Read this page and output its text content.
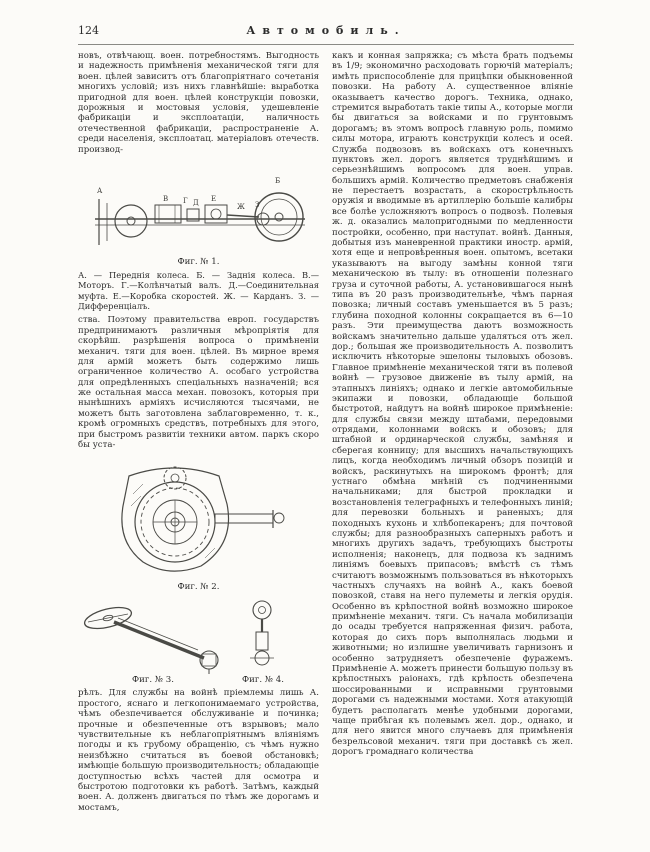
124	Автомобиль.

новъ, отвѣчающ. воен. потребностямъ. Выгодность и надежность примѣненія механической тяги для воен. цѣлей зависитъ отъ благопріятнаго сочетанія многихъ условій; изъ нихъ главнѣйшіе: выработка пригодной для воен. цѣлей конструкціи повозки, дорожныя и мостовыя условія, удешевленіе фабрикаціи и эксплоатаціи, наличность отечественной фабрикаціи, распространеніе А. среди населенія, эксплоатац. матеріаловъ отечеств. производ-

А
Б
В Г Д Е
Ж З
Фиг. № 1.

А. — Переднія колеса. Б. — Заднія колеса. В.—Моторъ. Г.—Колѣнчатый валъ. Д.—Соединительная муфта. Е.—Коробка скоростей. Ж. — Карданъ. З. — Дифференціалъ.

ства. Поэтому правительства европ. государствъ предпринимаютъ различныя мѣропріятія для скорѣйш. разрѣшенія вопроса о примѣненіи механич. тяги для воен. цѣлей. Въ мирное время для армій можетъ быть содержимо лишь ограниченное количество А. особаго устройства для опредѣленныхъ спеціальныхъ назначеній; вся же остальная масса механ. повозокъ, которыя при нынѣшнихъ арміяхъ исчисляются тысячами, не можетъ быть заготовлена заблаговременно, т. к., кромѣ огромныхъ средствъ, потребныхъ для этого, при быстромъ развитіи техники автом. паркъ скоро бы уста-

Фиг. № 2.
Фиг. № 3.	Фиг. № 4.

рѣлъ. Для службы на войнѣ пріемлемы лишь А. простого, яснаго и легкопонимаемаго устройства, чѣмъ обезпечивается обслуживаніе и починка; прочные и обезпеченные отъ взрывовъ; мало чувствительные къ неблагопріятнымъ вліяніямъ погоды и къ грубому обращенію, съ чѣмъ нужно неизбѣжно считаться въ боевой обстановкѣ; имѣющіе большую производительность; обладающіе доступностью всѣхъ частей для осмотра и быстротою подготовки къ работѣ. Затѣмъ, каждый воен. А. долженъ двигаться по тѣмъ же дорогамъ и мостамъ,

какъ и конная запряжка; съ мѣста брать подъемы въ 1/9; экономично расходовать горючій матеріалъ; имѣть приспособленіе для прицѣпки обыкновенной повозки. На работу А. существенное вліяніе оказываетъ качество дорогъ. Техника, однако, стремится выработать такіе типы А., которые могли бы двигаться за войсками и по грунтовымъ дорогамъ; въ этомъ вопросѣ главную роль, помимо силы мотора, играютъ конструкціи колесъ и осей. Служба подвозовъ въ войскахъ отъ конечныхъ пунктовъ жел. дорогъ является труднѣйшимъ и серьезнѣйшимъ вопросомъ для воен. управ. большихъ армій. Количество предметовъ снабженія не перестаетъ возрастать, а скорострѣльность оружія и вводимые въ артиллерію большіе калибры все болѣе усложняютъ вопросъ о подвозѣ. Полевыя ж. д. оказались малопригодными по медленности постройки, особенно, при наступат. войнѣ. Данныя, добытыя изъ маневренной практики иностр. армій, хотя еще и непровѣренныя воен. опытомъ, всетаки указываютъ на выгоду замѣны конной тяги механическою въ тылу: въ отношеніи полезнаго груза и суточной работы, А. установившагося нынѣ типа въ 20 разъ производительнѣе, чѣмъ парная повозка; личный составъ уменьшается въ 5 разъ; глубина походной колонны сокращается въ 6—10 разъ. Эти преимущества даютъ возможность войскамъ значительно дальше удаляться отъ жел. дор.; большая же производительность А. позволитъ исключить нѣкоторые эшелоны тыловыхъ обозовъ. Главное примѣненіе механической тяги въ полевой войнѣ — грузовое движеніе въ тылу армій, на этапныхъ линіяхъ; однако и легкіе автомобильные экипажи и повозки, обладающіе большой быстротой, найдутъ на войнѣ широкое примѣненіе: для службы связи между штабами, передовыми отрядами, колоннами войскъ и обозовъ; для штабной и ординарческой службы, замѣняя и сберегая конницу; для высшихъ начальствующихъ лицъ, когда необходимъ личный обзоръ позицій и войскъ, раскинутыхъ на широкомъ фронтѣ; для устнаго обмѣна мнѣній съ подчиненными начальниками; для быстрой прокладки и возстановленія телеграфныхъ и телефонныхъ линій; для перевозки больныхъ и раненыхъ; для походныхъ кухонь и хлѣбопекаренъ; для почтовой службы; для разнообразныхъ саперныхъ работъ и многихъ другихъ задачъ, требующихъ быстроты исполненія; наконецъ, для подвоза къ заднимъ линіямъ боевыхъ припасовъ; вмѣстѣ съ тѣмъ считаютъ возможнымъ пользоваться въ нѣкоторыхъ частныхъ случаяхъ на войнѣ А., какъ боевой повозкой, ставя на него пулеметы и легкія орудія. Особенно въ крѣпостной войнѣ возможно широкое примѣненіе механич. тяги. Съ начала мобилизаціи до осады требуется напряженная физич. работа, которая до сихъ поръ выполнялась людьми и животными; но излишне увеличивать гарнизонъ и особенно затрудняетъ обезпеченіе фуражемъ. Примѣненіе А. можетъ принести большую пользу въ крѣпостныхъ раіонахъ, гдѣ крѣпость обезпечена шоссированными и исправными грунтовыми дорогами съ надежными мостами. Хотя атакующій будетъ располагать менѣе удобными дорогами, чаще прибѣгая къ полевымъ жел. дор., однако, и для него явится много случаевъ для примѣненія безрельсовой механич. тяги при доставкѣ съ жел. дорогъ громаднаго количества
